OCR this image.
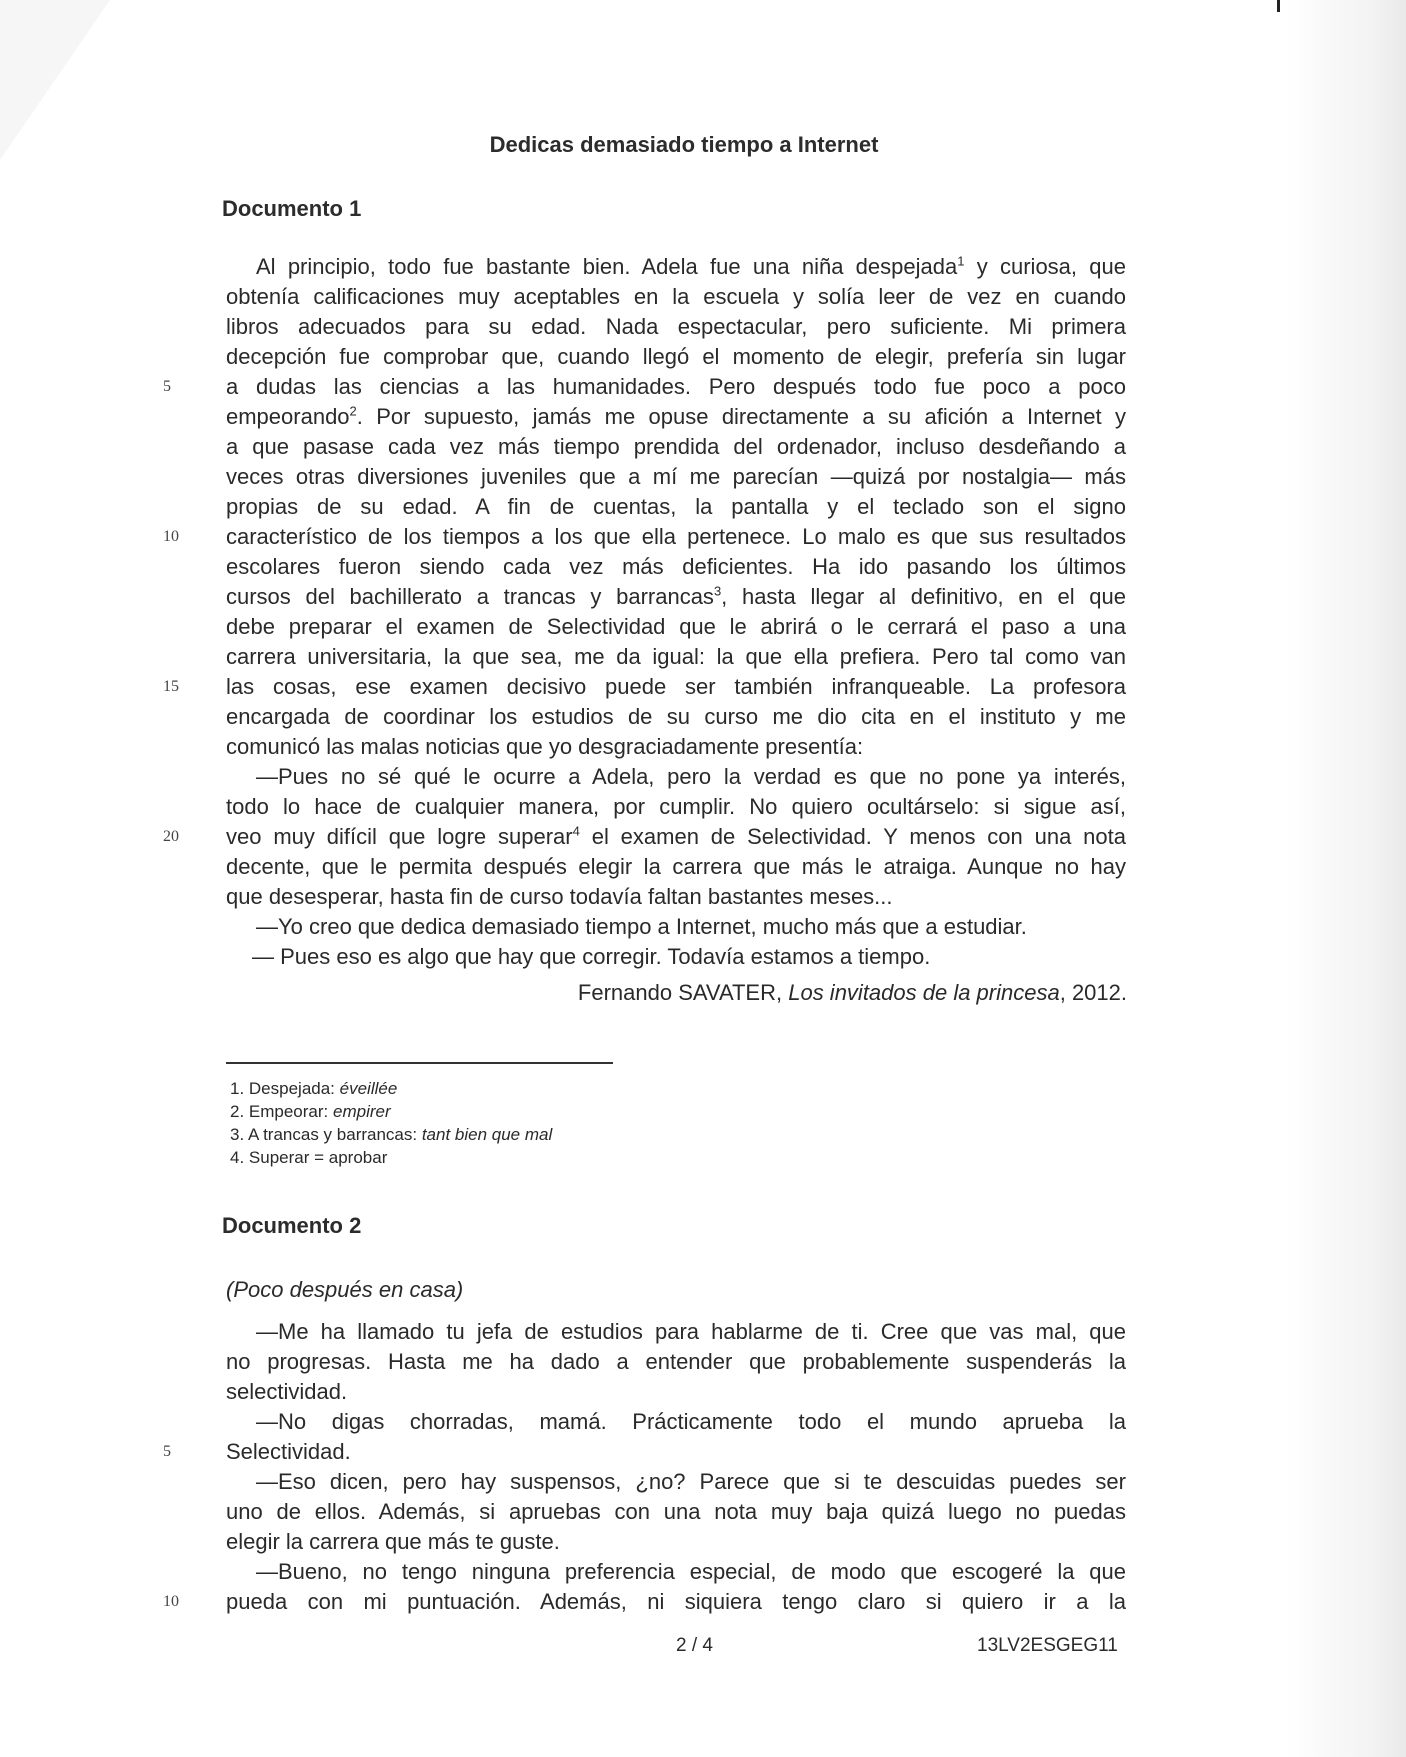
Dedicas demasiado tiempo a Internet
Documento 1
Al principio, todo fue bastante bien. Adela fue una niña despejada$^1$ y curiosa, que
obtenía calificaciones muy aceptables en la escuela y solía leer de vez en cuando
libros adecuados para su edad. Nada espectacular, pero suficiente. Mi primera
decepción fue comprobar que, cuando llegó el momento de elegir, prefería sin lugar
a dudas las ciencias a las humanidades. Pero después todo fue poco a poco
empeorando$^2$. Por supuesto, jamás me opuse directamente a su afición a Internet y
a que pasase cada vez más tiempo prendida del ordenador, incluso desdeñando a
veces otras diversiones juveniles que a mí me parecían —quizá por nostalgia— más
propias de su edad. A fin de cuentas, la pantalla y el teclado son el signo
característico de los tiempos a los que ella pertenece. Lo malo es que sus resultados
escolares fueron siendo cada vez más deficientes. Ha ido pasando los últimos
cursos del bachillerato a trancas y barrancas$^3$, hasta llegar al definitivo, en el que
debe preparar el examen de Selectividad que le abrirá o le cerrará el paso a una
carrera universitaria, la que sea, me da igual: la que ella prefiera. Pero tal como van
las cosas, ese examen decisivo puede ser también infranqueable. La profesora
encargada de coordinar los estudios de su curso me dio cita en el instituto y me
comunicó las malas noticias que yo desgraciadamente presentía:
—Pues no sé qué le ocurre a Adela, pero la verdad es que no pone ya interés,
todo lo hace de cualquier manera, por cumplir. No quiero ocultárselo: si sigue así,
veo muy difícil que logre superar$^4$ el examen de Selectividad. Y menos con una nota
decente, que le permita después elegir la carrera que más le atraiga. Aunque no hay
que desesperar, hasta fin de curso todavía faltan bastantes meses...
—Yo creo que dedica demasiado tiempo a Internet, mucho más que a estudiar.
— Pues eso es algo que hay que corregir. Todavía estamos a tiempo.
5
10
15
20
Fernando SAVATER, Los invitados de la princesa, 2012.
1. Despejada: éveillée
2. Empeorar: empirer
3. A trancas y barrancas: tant bien que mal
4. Superar = aprobar
Documento 2
(Poco después en casa)
—Me ha llamado tu jefa de estudios para hablarme de ti. Cree que vas mal, que
no progresas. Hasta me ha dado a entender que probablemente suspenderás la
selectividad.
—No digas chorradas, mamá. Prácticamente todo el mundo aprueba la
Selectividad.
—Eso dicen, pero hay suspensos, ¿no? Parece que si te descuidas puedes ser
uno de ellos. Además, si apruebas con una nota muy baja quizá luego no puedas
elegir la carrera que más te guste.
—Bueno, no tengo ninguna preferencia especial, de modo que escogeré la que
pueda con mi puntuación. Además, ni siquiera tengo claro si quiero ir a la
5
10
2 / 4	13LV2ESGEG11
